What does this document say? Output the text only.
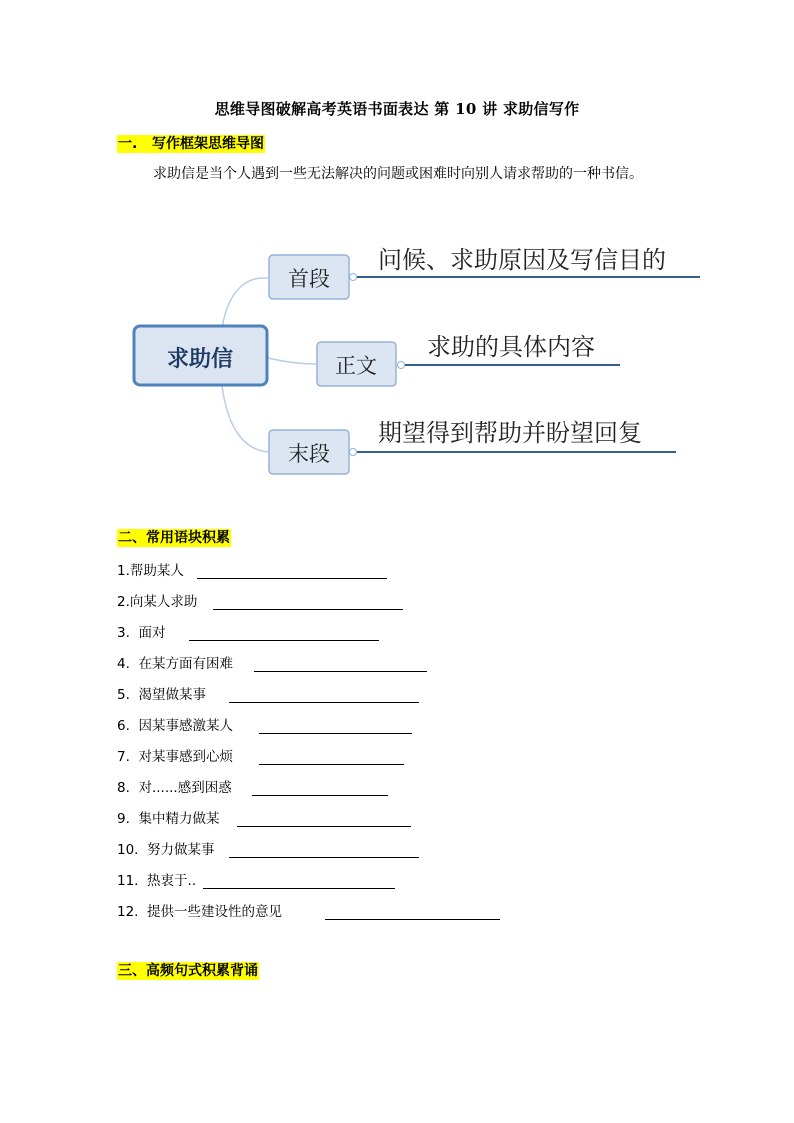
思维导图破解高考英语书面表达 第 10 讲 求助信写作
一.   写作框架思维导图
求助信是当个人遇到一些无法解决的问题或困难时向别人请求帮助的一种书信。
求助信
首段
问候、求助原因及写信目的
正文
求助的具体内容
末段
期望得到帮助并盼望回复
二、常用语块积累
1.帮助某人
2.向某人求助
3.  面对
4.  在某方面有困难
5.  渴望做某事
6.  因某事感激某人
7.  对某事感到心烦
8.  对......感到困惑
9.  集中精力做某
10.  努力做某事
11.  热衷于..
12.  提供一些建设性的意见
三、高频句式积累背诵
